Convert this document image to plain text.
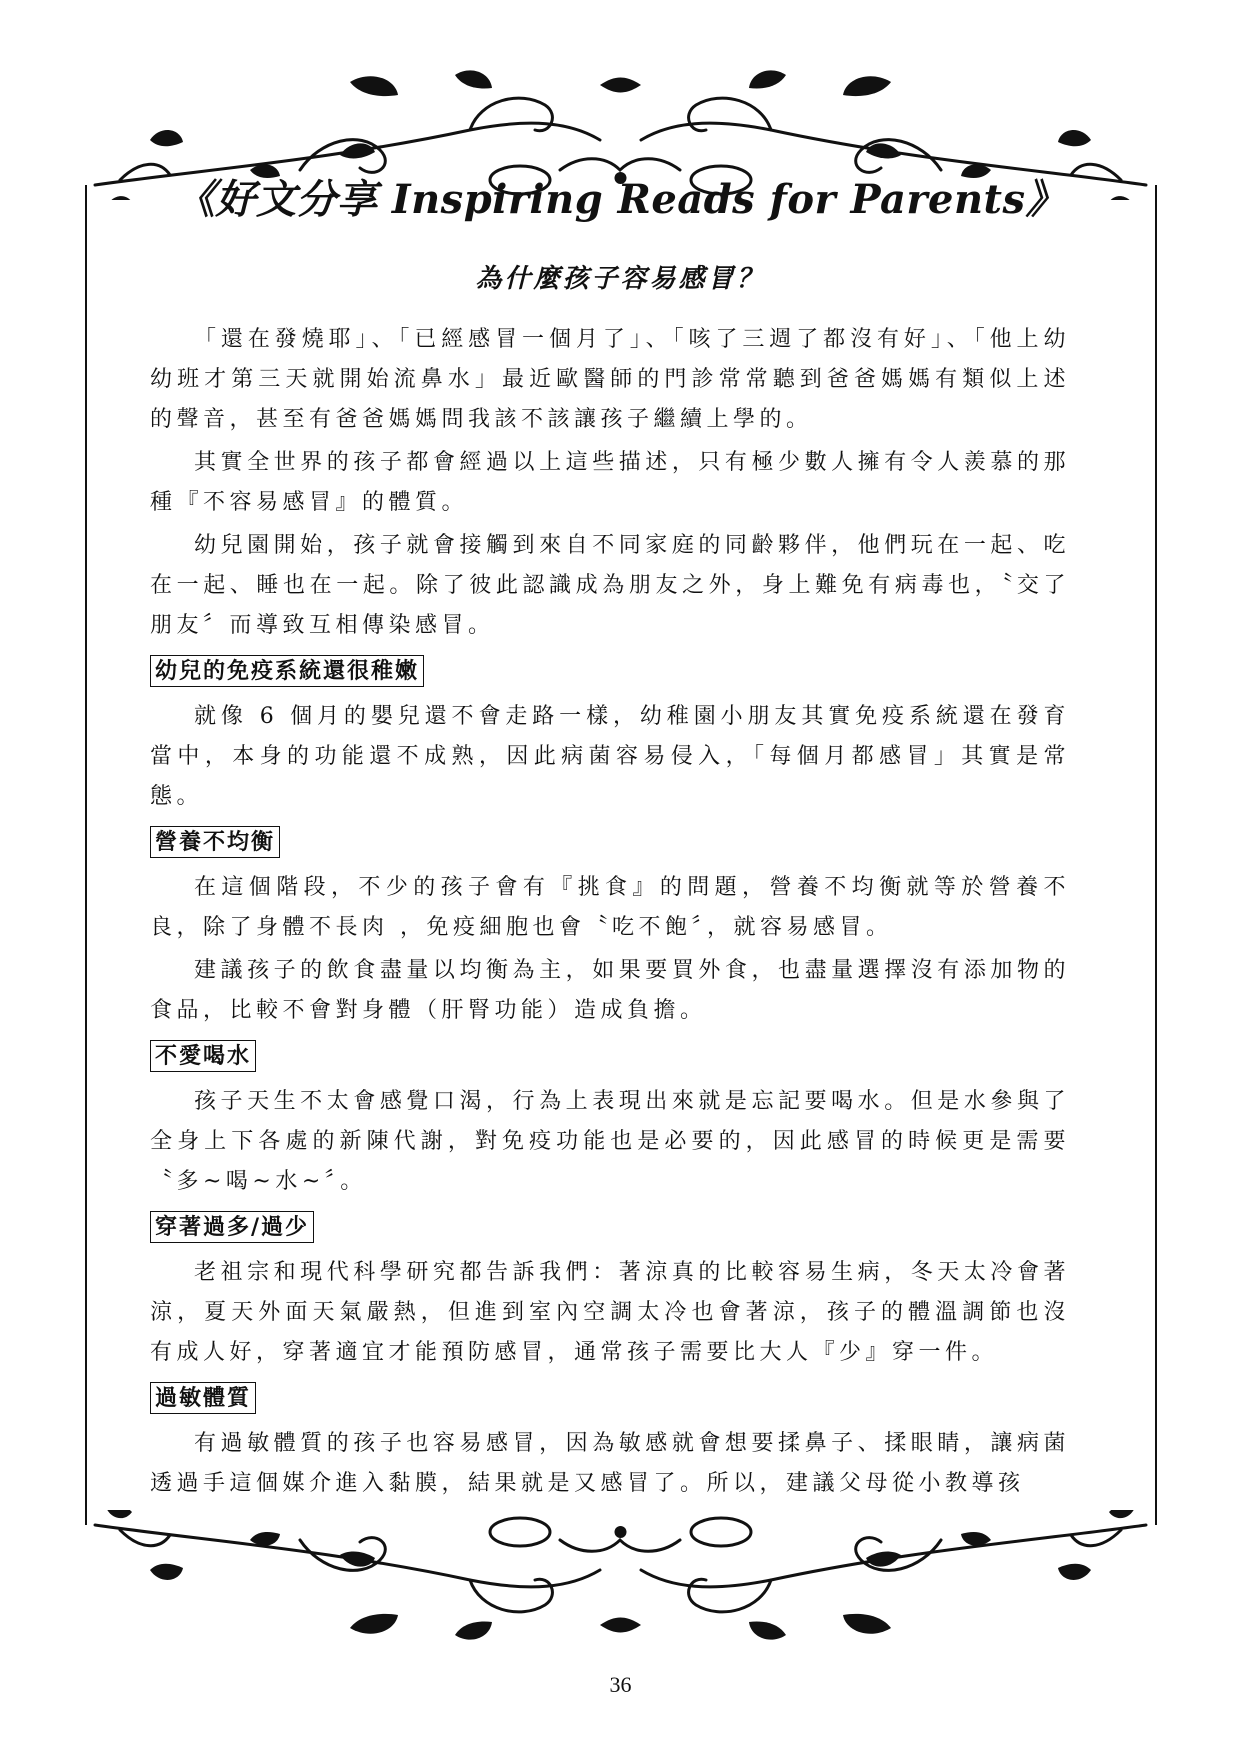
《好文分享 Inspiring Reads for Parents》
為什麼孩子容易感冒？

「還在發燒耶」、「已經感冒一個月了」、「咳了三週了都沒有好」、「他上幼幼班才第三天就開始流鼻水」最近歐醫師的門診常常聽到爸爸媽媽有類似上述的聲音，甚至有爸爸媽媽問我該不該讓孩子繼續上學的。

其實全世界的孩子都會經過以上這些描述，只有極少數人擁有令人羨慕的那種『不容易感冒』的體質。

幼兒園開始，孩子就會接觸到來自不同家庭的同齡夥伴，他們玩在一起、吃在一起、睡也在一起。除了彼此認識成為朋友之外，身上難免有病毒也，〝交了朋友〞而導致互相傳染感冒。

幼兒的免疫系統還很稚嫩

就像 6 個月的嬰兒還不會走路一樣，幼稚園小朋友其實免疫系統還在發育當中，本身的功能還不成熟，因此病菌容易侵入，「每個月都感冒」其實是常態。

營養不均衡

在這個階段，不少的孩子會有『挑食』的問題，營養不均衡就等於營養不良，除了身體不長肉 ，免疫細胞也會〝吃不飽〞，就容易感冒。

建議孩子的飲食盡量以均衡為主，如果要買外食，也盡量選擇沒有添加物的食品，比較不會對身體（肝腎功能）造成負擔。

不愛喝水

孩子天生不太會感覺口渴，行為上表現出來就是忘記要喝水。但是水參與了全身上下各處的新陳代謝，對免疫功能也是必要的，因此感冒的時候更是需要〝多~喝~水~〞。

穿著過多/過少

老祖宗和現代科學研究都告訴我們：著涼真的比較容易生病，冬天太冷會著涼，夏天外面天氣嚴熱，但進到室內空調太冷也會著涼，孩子的體溫調節也沒有成人好，穿著適宜才能預防感冒，通常孩子需要比大人『少』穿一件。

過敏體質

有過敏體質的孩子也容易感冒，因為敏感就會想要揉鼻子、揉眼睛，讓病菌透過手這個媒介進入黏膜，結果就是又感冒了。所以，建議父母從小教導孩

36
